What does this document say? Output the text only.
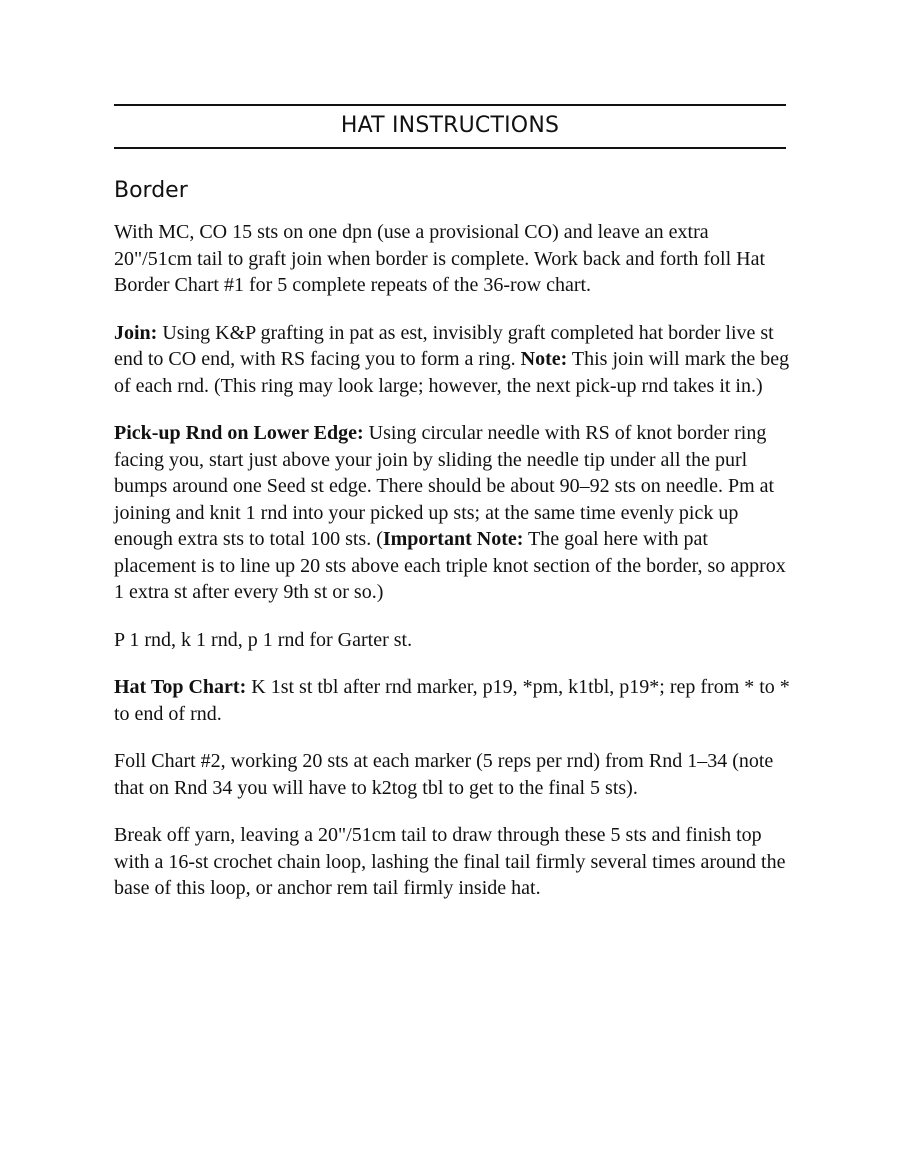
HAT INSTRUCTIONS
Border

With MC, CO 15 sts on one dpn (use a provisional CO) and leave an extra 20"/51cm tail to graft join when border is complete. Work back and forth foll Hat Border Chart #1 for 5 complete repeats of the 36-row chart.

Join: Using K&P grafting in pat as est, invisibly graft completed hat border live st end to CO end, with RS facing you to form a ring. Note: This join will mark the beg of each rnd. (This ring may look large; however, the next pick-up rnd takes it in.)

Pick-up Rnd on Lower Edge: Using circular needle with RS of knot border ring facing you, start just above your join by sliding the needle tip under all the purl bumps around one Seed st edge. There should be about 90–92 sts on needle. Pm at joining and knit 1 rnd into your picked up sts; at the same time evenly pick up enough extra sts to total 100 sts. (Important Note: The goal here with pat placement is to line up 20 sts above each triple knot section of the border, so approx 1 extra st after every 9th st or so.)

P 1 rnd, k 1 rnd, p 1 rnd for Garter st.

Hat Top Chart: K 1st st tbl after rnd marker, p19, *pm, k1tbl, p19*; rep from * to * to end of rnd.

Foll Chart #2, working 20 sts at each marker (5 reps per rnd) from Rnd 1–34 (note that on Rnd 34 you will have to k2tog tbl to get to the final 5 sts).

Break off yarn, leaving a 20"/51cm tail to draw through these 5 sts and finish top with a 16-st crochet chain loop, lashing the final tail firmly several times around the base of this loop, or anchor rem tail firmly inside hat.
